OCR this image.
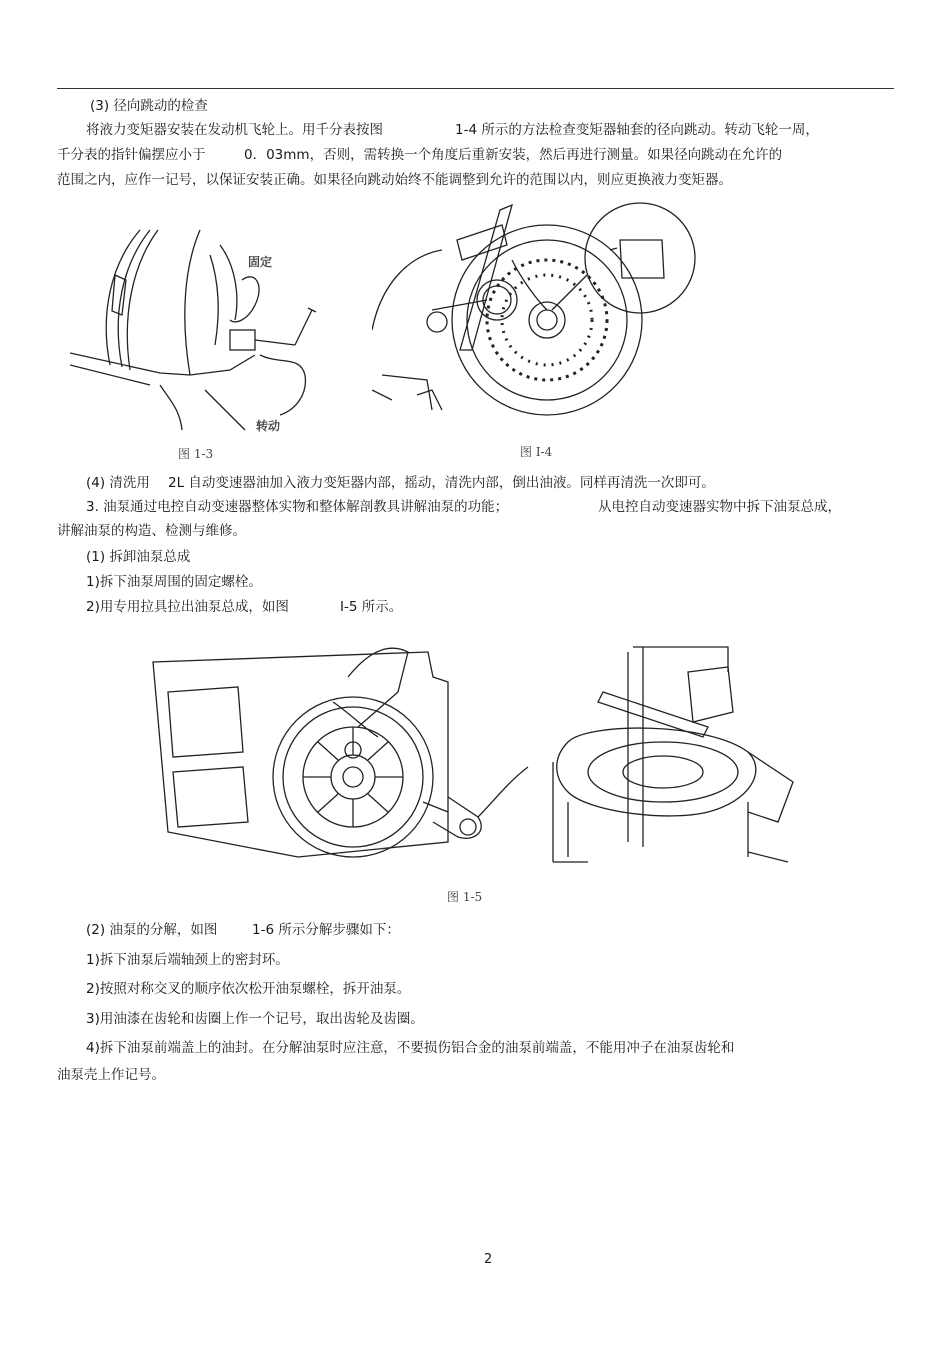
(3) 径向跳动的检查
将液力变矩器安装在发动机飞轮上。用千分表按图	1-4 所示的方法检查变矩器轴套的径向跳动。转动飞轮一周，
千分表的指针偏摆应小于	0．03mm，否则，需转换一个角度后重新安装，然后再进行测量。如果径向跳动在允许的
范围之内，应作一记号，以保证安装正确。如果径向跳动始终不能调整到允许的范围以内，则应更换液力变矩器。
固定
转动
图 1-3	图 I-4
(4) 清洗用 2L 自动变速器油加入液力变矩器内部，摇动，清洗内部，倒出油液。同样再清洗一次即可。
3. 油泵通过电控自动变速器整体实物和整体解剖教具讲解油泵的功能；	从电控自动变速器实物中拆下油泵总成，
讲解油泵的构造、检测与维修。
(1) 拆卸油泵总成
1)拆下油泵周围的固定螺栓。
2)用专用拉具拉出油泵总成，如图	I-5 所示。
图 1-5
(2) 油泵的分解，如图	1-6 所示分解步骤如下：
1)拆下油泵后端轴颈上的密封环。
2)按照对称交叉的顺序依次松开油泵螺栓，拆开油泵。
3)用油漆在齿轮和齿圈上作一个记号，取出齿轮及齿圈。
4)拆下油泵前端盖上的油封。在分解油泵时应注意，不要损伤铝合金的油泵前端盖，不能用冲子在油泵齿轮和
油泵壳上作记号。
2
